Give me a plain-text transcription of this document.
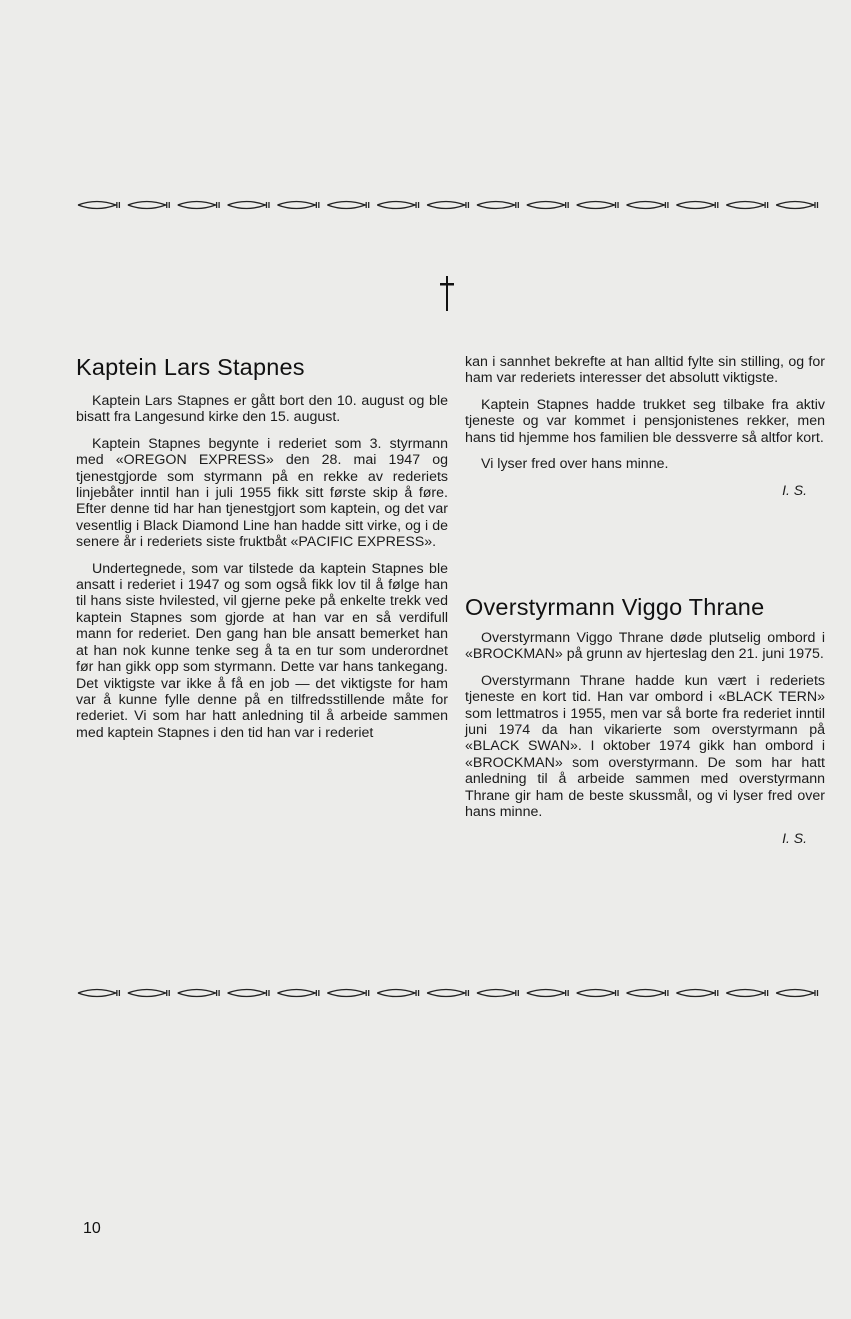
Kaptein Lars Stapnes

Kaptein Lars Stapnes er gått bort den 10. august og ble bisatt fra Langesund kirke den 15. august.

Kaptein Stapnes begynte i rederiet som 3. styrmann med «OREGON EXPRESS» den 28. mai 1947 og tjenestgjorde som styrmann på en rekke av rederiets linjebåter inntil han i juli 1955 fikk sitt første skip å føre. Efter denne tid har han tjenestgjort som kaptein, og det var vesentlig i Black Diamond Line han hadde sitt virke, og i de senere år i rederiets siste fruktbåt «PACIFIC EXPRESS».

Undertegnede, som var tilstede da kaptein Stapnes ble ansatt i rederiet i 1947 og som også fikk lov til å følge han til hans siste hvilested, vil gjerne peke på enkelte trekk ved kaptein Stapnes som gjorde at han var en så verdifull mann for rederiet. Den gang han ble ansatt bemerket han at han nok kunne tenke seg å ta en tur som underordnet før han gikk opp som styrmann. Dette var hans tankegang. Det viktigste var ikke å få en job — det viktigste for ham var å kunne fylle denne på en tilfredsstillende måte for rederiet. Vi som har hatt anledning til å arbeide sammen med kaptein Stapnes i den tid han var i rederiet

kan i sannhet bekrefte at han alltid fylte sin stilling, og for ham var rederiets interesser det absolutt viktigste.

Kaptein Stapnes hadde trukket seg tilbake fra aktiv tjeneste og var kommet i pensjonistenes rekker, men hans tid hjemme hos familien ble dessverre så altfor kort.

Vi lyser fred over hans minne.

I. S.

Overstyrmann Viggo Thrane

Overstyrmann Viggo Thrane døde plutselig ombord i «BROCKMAN» på grunn av hjerteslag den 21. juni 1975.

Overstyrmann Thrane hadde kun vært i rederiets tjeneste en kort tid. Han var ombord i «BLACK TERN» som lettmatros i 1955, men var så borte fra rederiet inntil juni 1974 da han vikarierte som overstyrmann på «BLACK SWAN». I oktober 1974 gikk han ombord i «BROCKMAN» som overstyrmann. De som har hatt anledning til å arbeide sammen med overstyrmann Thrane gir ham de beste skussmål, og vi lyser fred over hans minne.

I. S.

10
